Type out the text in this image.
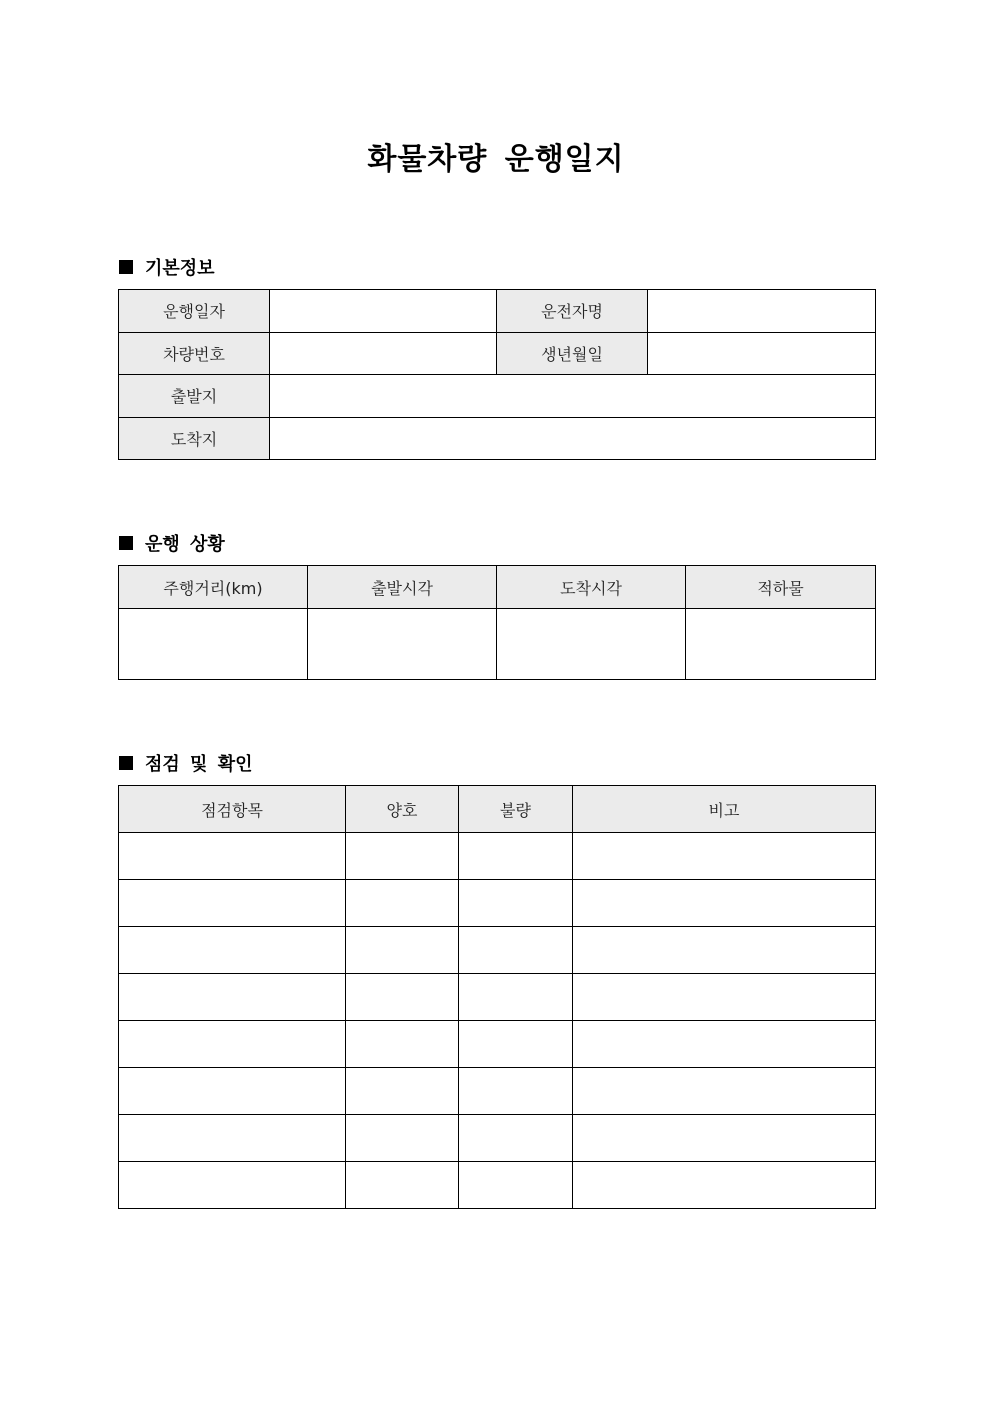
화물차량 운행일지
기본정보
운행일자		운전자명	
차량번호		생년월일	
출발지			
도착지			
운행 상황
주행거리(km)	출발시각	도착시각	적하물

점검 및 확인
점검항목	양호	불량	비고
